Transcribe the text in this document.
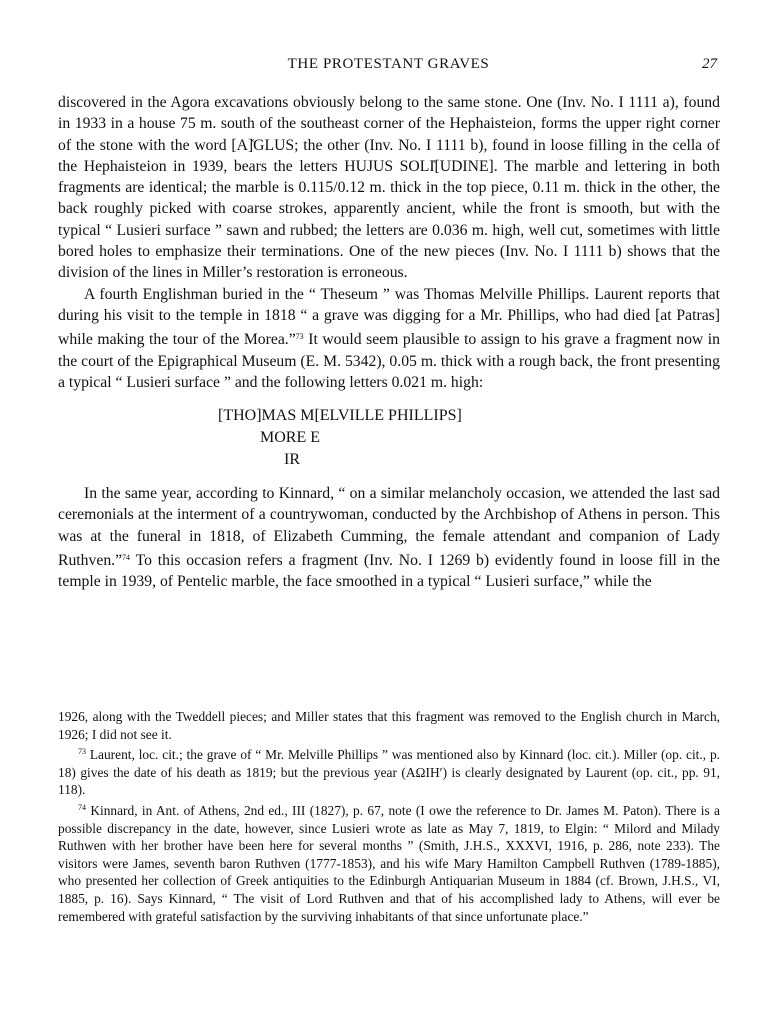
THE PROTESTANT GRAVES	27

discovered in the Agora excavations obviously belong to the same stone. One (Inv. No. I 1111 a), found in 1933 in a house 75 m. south of the southeast corner of the Hephaisteion, forms the upper right corner of the stone with the word [A]᷾GLUS; the other (Inv. No. I 1111 b), found in loose filling in the cella of the Hephaisteion in 1939, bears the letters HUJUS SOLI᷾[UDINE]. The marble and lettering in both fragments are identical; the marble is 0.115/0.12 m. thick in the top piece, 0.11 m. thick in the other, the back roughly picked with coarse strokes, apparently ancient, while the front is smooth, but with the typical “ Lusieri surface ” sawn and rubbed; the letters are 0.036 m. high, well cut, sometimes with little bored holes to emphasize their terminations. One of the new pieces (Inv. No. I 1111 b) shows that the division of the lines in Miller’s restoration is erroneous.

A fourth Englishman buried in the “ Theseum ” was Thomas Melville Phillips. Laurent reports that during his visit to the temple in 1818 “ a grave was digging for a Mr. Phillips, who had died [at Patras] while making the tour of the Morea.”$^{73}$ It would seem plausible to assign to his grave a fragment now in the court of the Epigraphical Museum (E. M. 5342), 0.05 m. thick with a rough back, the front presenting a typical “ Lusieri surface ” and the following letters 0.021 m. high:

[THO]MAS M[ELVILLE PHILLIPS]
MORE E
IR

In the same year, according to Kinnard, “ on a similar melancholy occasion, we attended the last sad ceremonials at the interment of a countrywoman, conducted by the Archbishop of Athens in person. This was at the funeral in 1818, of Elizabeth Cumming, the female attendant and companion of Lady Ruthven.”$^{74}$ To this occasion refers a fragment (Inv. No. I 1269 b) evidently found in loose fill in the temple in 1939, of Pentelic marble, the face smoothed in a typical “ Lusieri surface,” while the

1926, along with the Tweddell pieces; and Miller states that this fragment was removed to the English church in March, 1926; I did not see it.

$^{73}$ Laurent, loc. cit.; the grave of “ Mr. Melville Phillips ” was mentioned also by Kinnard (loc. cit.). Miller (op. cit., p. 18) gives the date of his death as 1819; but the previous year (ΑΩΙΗ′) is clearly designated by Laurent (op. cit., pp. 91, 118).

$^{74}$ Kinnard, in Ant. of Athens, 2nd ed., III (1827), p. 67, note (I owe the reference to Dr. James M. Paton). There is a possible discrepancy in the date, however, since Lusieri wrote as late as May 7, 1819, to Elgin: “ Milord and Milady Ruthwen with her brother have been here for several months ” (Smith, J.H.S., XXXVI, 1916, p. 286, note 233). The visitors were James, seventh baron Ruthven (1777-1853), and his wife Mary Hamilton Campbell Ruthven (1789-1885), who presented her collection of Greek antiquities to the Edinburgh Antiquarian Museum in 1884 (cf. Brown, J.H.S., VI, 1885, p. 16). Says Kinnard, “ The visit of Lord Ruthven and that of his accomplished lady to Athens, will ever be remembered with grateful satisfaction by the surviving inhabitants of that since unfortunate place.”
